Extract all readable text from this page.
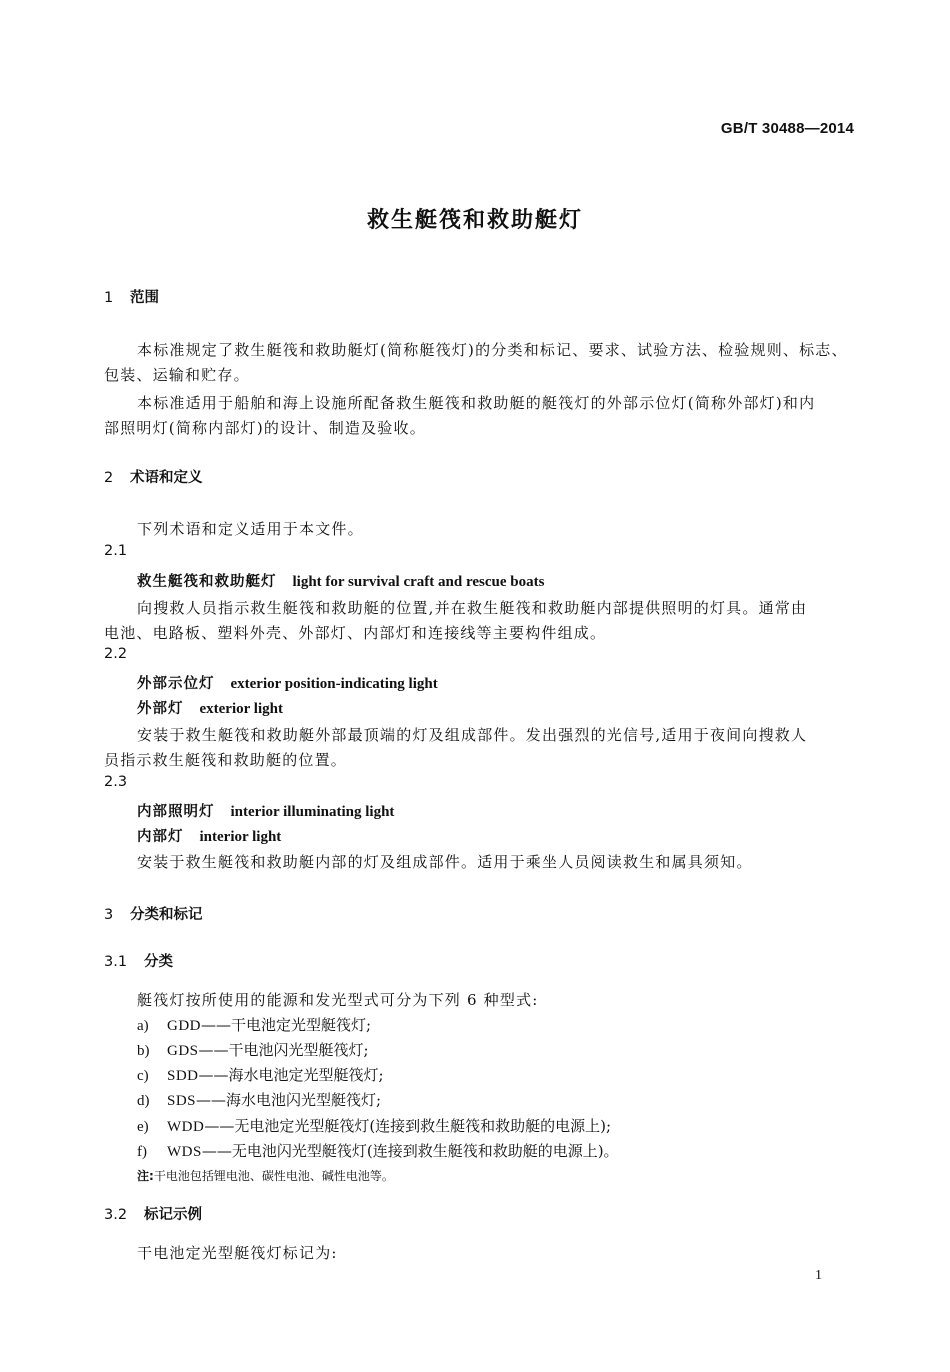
GB/T 30488—2014
救生艇筏和救助艇灯
1 范围
本标准规定了救生艇筏和救助艇灯(简称艇筏灯)的分类和标记、要求、试验方法、检验规则、标志、
包装、运输和贮存。
本标准适用于船舶和海上设施所配备救生艇筏和救助艇的艇筏灯的外部示位灯(简称外部灯)和内
部照明灯(简称内部灯)的设计、制造及验收。
2 术语和定义
下列术语和定义适用于本文件。
2.1
救生艇筏和救助艇灯 light for survival craft and rescue boats
向搜救人员指示救生艇筏和救助艇的位置,并在救生艇筏和救助艇内部提供照明的灯具。通常由
电池、电路板、塑料外壳、外部灯、内部灯和连接线等主要构件组成。
2.2
外部示位灯 exterior position-indicating light
外部灯 exterior light
安装于救生艇筏和救助艇外部最顶端的灯及组成部件。发出强烈的光信号,适用于夜间向搜救人
员指示救生艇筏和救助艇的位置。
2.3
内部照明灯 interior illuminating light
内部灯 interior light
安装于救生艇筏和救助艇内部的灯及组成部件。适用于乘坐人员阅读救生和属具须知。
3 分类和标记
3.1 分类
艇筏灯按所使用的能源和发光型式可分为下列 6 种型式:
a) GDD——干电池定光型艇筏灯;
b) GDS——干电池闪光型艇筏灯;
c) SDD——海水电池定光型艇筏灯;
d) SDS——海水电池闪光型艇筏灯;
e) WDD——无电池定光型艇筏灯(连接到救生艇筏和救助艇的电源上);
f) WDS——无电池闪光型艇筏灯(连接到救生艇筏和救助艇的电源上)。
注:干电池包括锂电池、碳性电池、碱性电池等。
3.2 标记示例
干电池定光型艇筏灯标记为:
1
